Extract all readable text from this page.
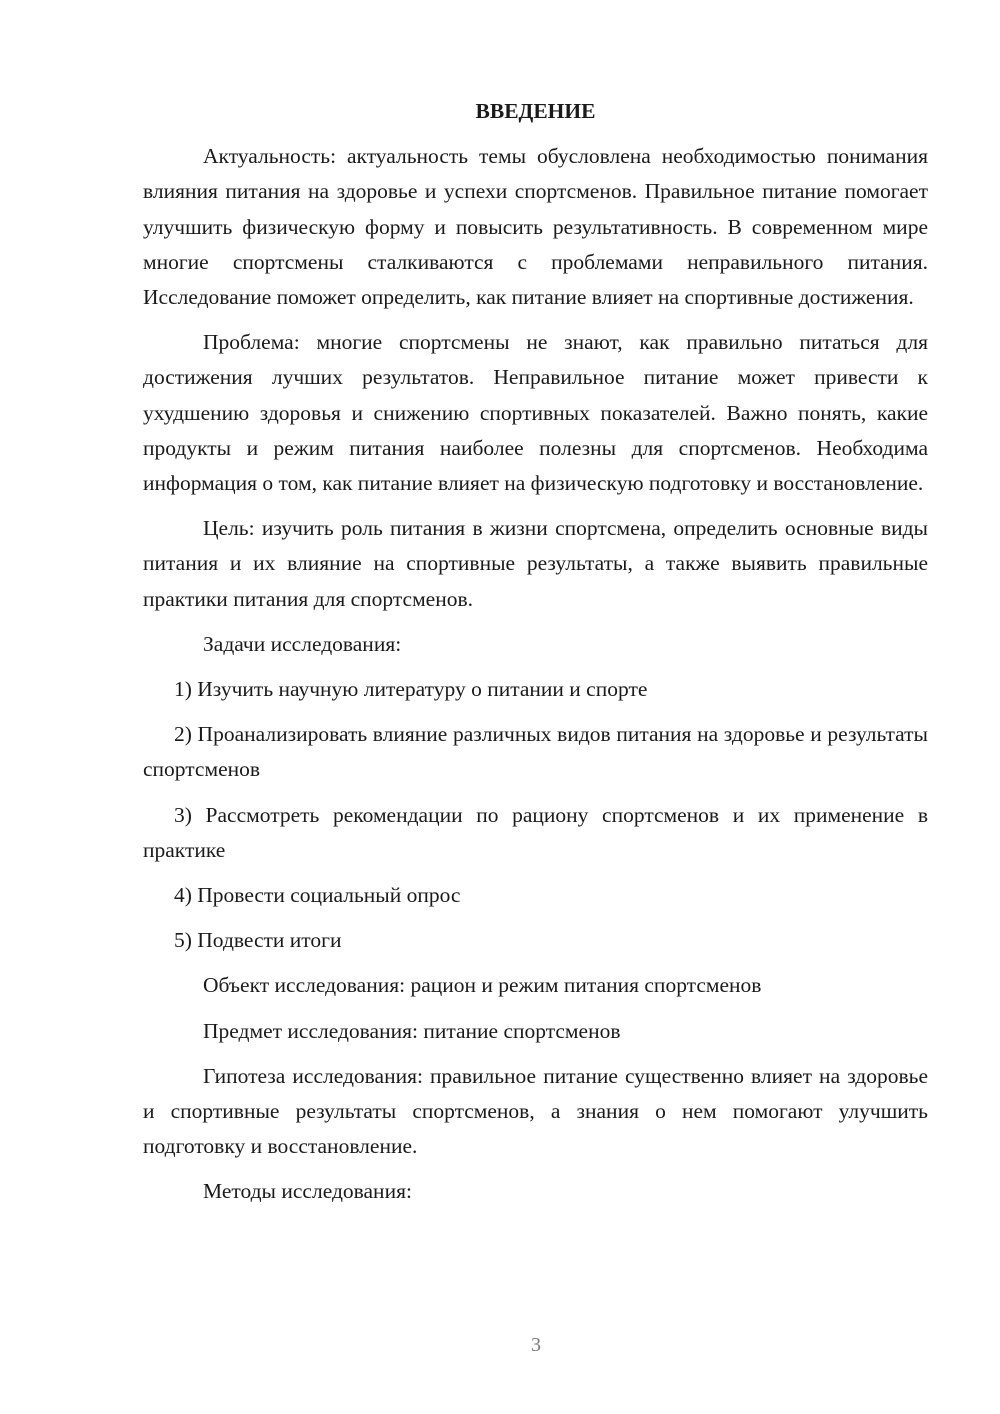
ВВЕДЕНИЕ
Актуальность: актуальность темы обусловлена необходимостью понимания влияния питания на здоровье и успехи спортсменов. Правильное питание помогает улучшить физическую форму и повысить результативность. В современном мире многие спортсмены сталкиваются с проблемами неправильного питания. Исследование поможет определить, как питание влияет на спортивные достижения.
Проблема: многие спортсмены не знают, как правильно питаться для достижения лучших результатов. Неправильное питание может привести к ухудшению здоровья и снижению спортивных показателей. Важно понять, какие продукты и режим питания наиболее полезны для спортсменов. Необходима информация о том, как питание влияет на физическую подготовку и восстановление.
Цель: изучить роль питания в жизни спортсмена, определить основные виды питания и их влияние на спортивные результаты, а также выявить правильные практики питания для спортсменов.
Задачи исследования:
1) Изучить научную литературу о питании и спорте
2) Проанализировать влияние различных видов питания на здоровье и результаты спортсменов
3) Рассмотреть рекомендации по рациону спортсменов и их применение в практике
4) Провести социальный опрос
5) Подвести итоги
Объект исследования: рацион и режим питания спортсменов
Предмет исследования: питание спортсменов
Гипотеза исследования: правильное питание существенно влияет на здоровье и спортивные результаты спортсменов, а знания о нем помогают улучшить подготовку и восстановление.
Методы исследования:
3
